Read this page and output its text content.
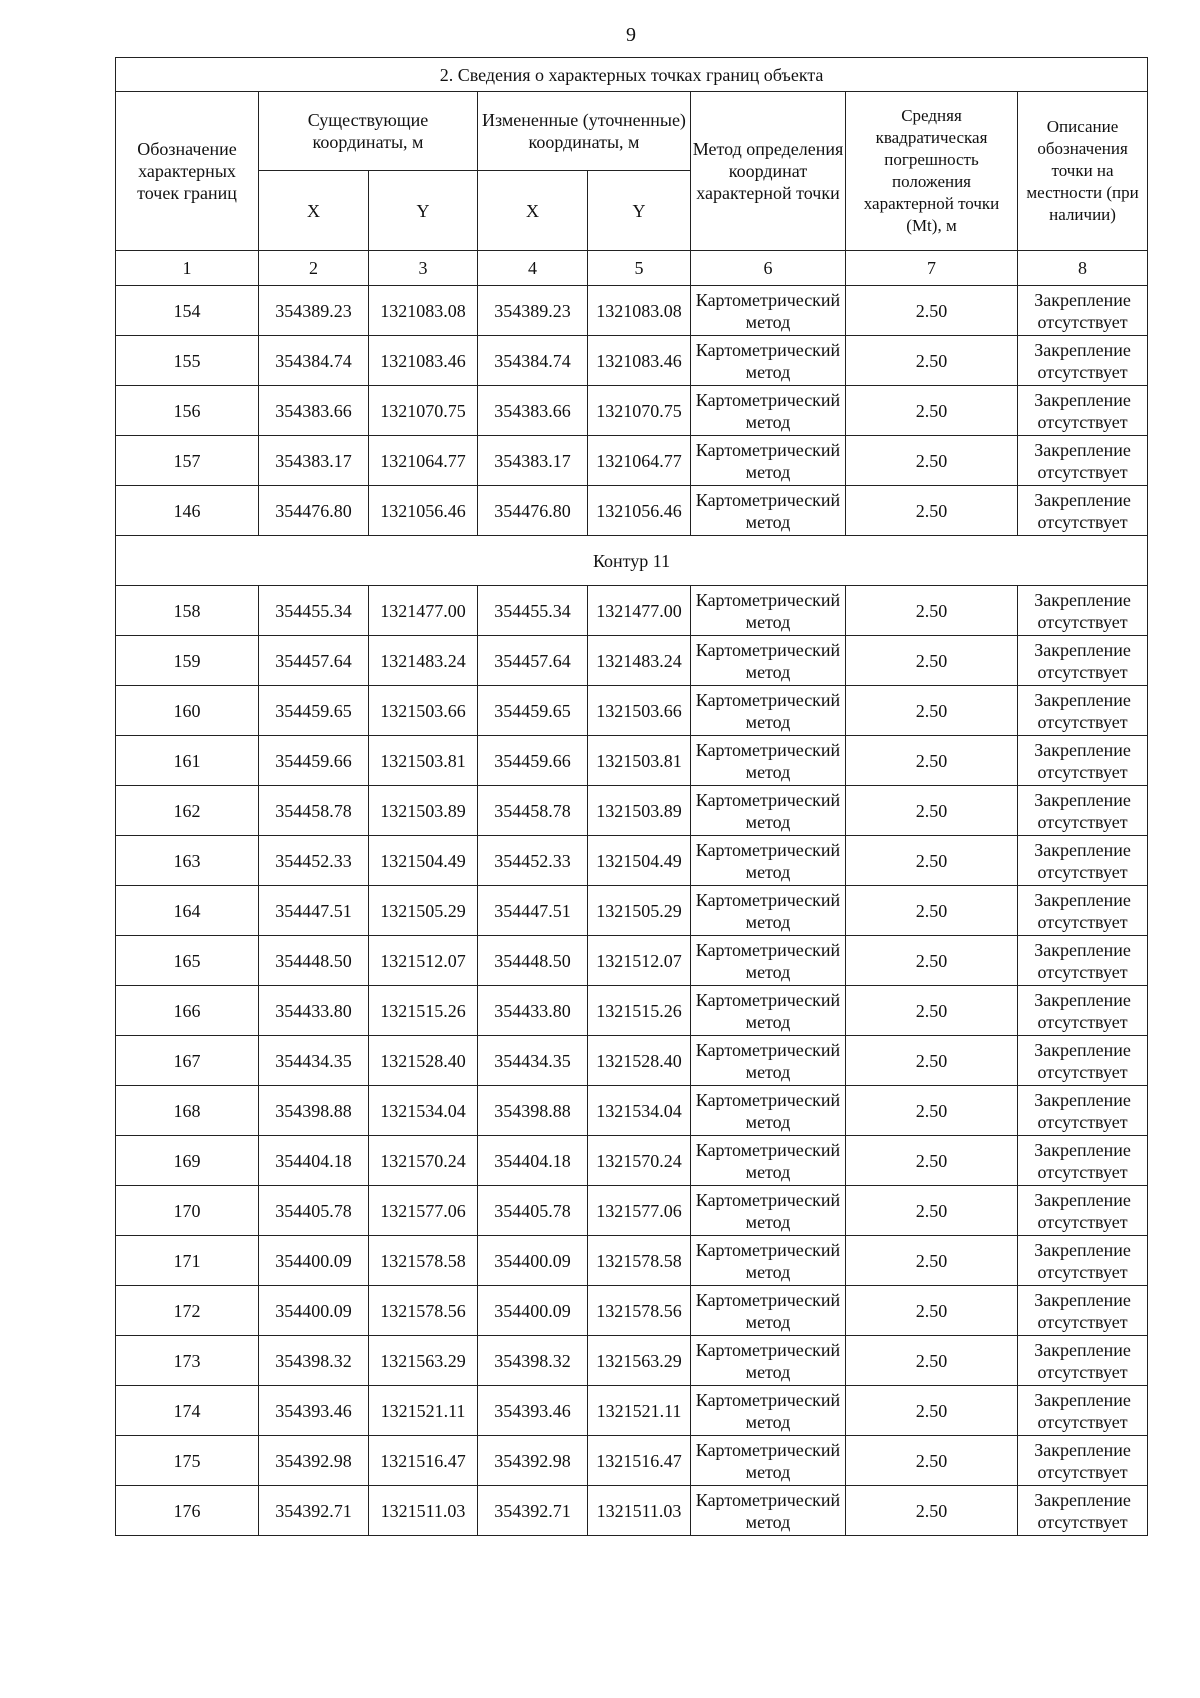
9
2. Сведения о характерных точках границ объекта							
Обозначение характерных точек границ	Существующие координаты, м		Измененные (уточненные) координаты, м		Метод определения координат характерной точки	Средняя квадратическая погрешность положения характерной точки (Mt), м	Описание обозначения точки на местности (при наличии)
	X	Y	X	Y			
1	2	3	4	5	6	7	8
154	354389.23	1321083.08	354389.23	1321083.08	Картометрический метод	2.50	Закрепление отсутствует
155	354384.74	1321083.46	354384.74	1321083.46	Картометрический метод	2.50	Закрепление отсутствует
156	354383.66	1321070.75	354383.66	1321070.75	Картометрический метод	2.50	Закрепление отсутствует
157	354383.17	1321064.77	354383.17	1321064.77	Картометрический метод	2.50	Закрепление отсутствует
146	354476.80	1321056.46	354476.80	1321056.46	Картометрический метод	2.50	Закрепление отсутствует
Контур 11							
158	354455.34	1321477.00	354455.34	1321477.00	Картометрический метод	2.50	Закрепление отсутствует
159	354457.64	1321483.24	354457.64	1321483.24	Картометрический метод	2.50	Закрепление отсутствует
160	354459.65	1321503.66	354459.65	1321503.66	Картометрический метод	2.50	Закрепление отсутствует
161	354459.66	1321503.81	354459.66	1321503.81	Картометрический метод	2.50	Закрепление отсутствует
162	354458.78	1321503.89	354458.78	1321503.89	Картометрический метод	2.50	Закрепление отсутствует
163	354452.33	1321504.49	354452.33	1321504.49	Картометрический метод	2.50	Закрепление отсутствует
164	354447.51	1321505.29	354447.51	1321505.29	Картометрический метод	2.50	Закрепление отсутствует
165	354448.50	1321512.07	354448.50	1321512.07	Картометрический метод	2.50	Закрепление отсутствует
166	354433.80	1321515.26	354433.80	1321515.26	Картометрический метод	2.50	Закрепление отсутствует
167	354434.35	1321528.40	354434.35	1321528.40	Картометрический метод	2.50	Закрепление отсутствует
168	354398.88	1321534.04	354398.88	1321534.04	Картометрический метод	2.50	Закрепление отсутствует
169	354404.18	1321570.24	354404.18	1321570.24	Картометрический метод	2.50	Закрепление отсутствует
170	354405.78	1321577.06	354405.78	1321577.06	Картометрический метод	2.50	Закрепление отсутствует
171	354400.09	1321578.58	354400.09	1321578.58	Картометрический метод	2.50	Закрепление отсутствует
172	354400.09	1321578.56	354400.09	1321578.56	Картометрический метод	2.50	Закрепление отсутствует
173	354398.32	1321563.29	354398.32	1321563.29	Картометрический метод	2.50	Закрепление отсутствует
174	354393.46	1321521.11	354393.46	1321521.11	Картометрический метод	2.50	Закрепление отсутствует
175	354392.98	1321516.47	354392.98	1321516.47	Картометрический метод	2.50	Закрепление отсутствует
176	354392.71	1321511.03	354392.71	1321511.03	Картометрический метод	2.50	Закрепление отсутствует
